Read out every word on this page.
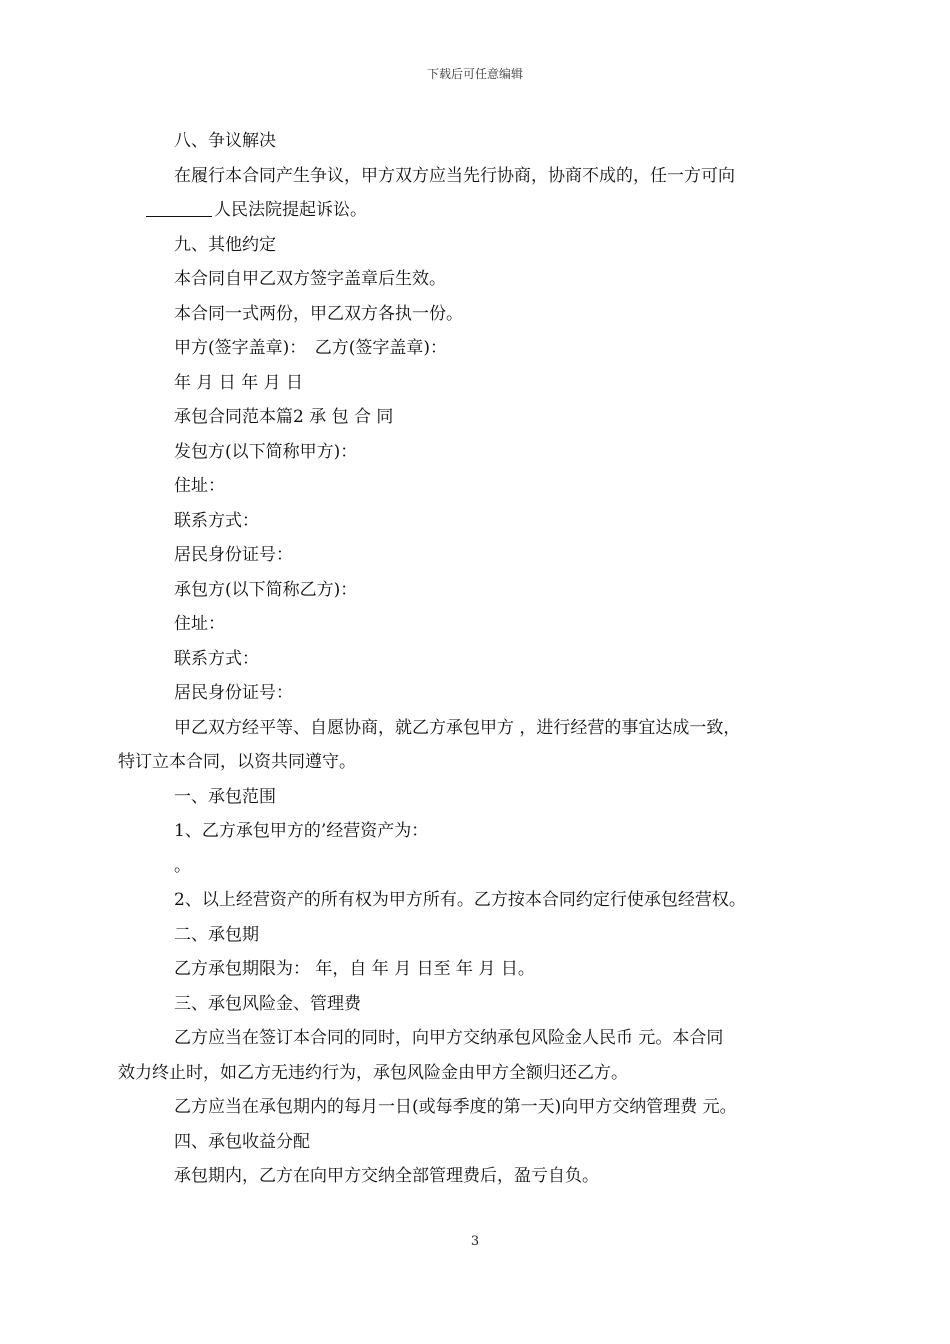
下载后可任意编辑
八、争议解决
在履行本合同产生争议，甲方双方应当先行协商，协商不成的，任一方可向
人民法院提起诉讼。
九、其他约定
本合同自甲乙双方签字盖章后生效。
本合同一式两份，甲乙双方各执一份。
甲方(签字盖章)：　乙方(签字盖章)：
年 月 日 年 月 日
承包合同范本篇2 承 包 合 同
发包方(以下简称甲方)：
住址：
联系方式：
居民身份证号：
承包方(以下简称乙方)：
住址：
联系方式：
居民身份证号：
甲乙双方经平等、自愿协商，就乙方承包甲方 ，进行经营的事宜达成一致，
特订立本合同，以资共同遵守。
一、承包范围
1、乙方承包甲方的’经营资产为：
。
2、以上经营资产的所有权为甲方所有。乙方按本合同约定行使承包经营权。
二、承包期
乙方承包期限为： 年，自 年 月 日至 年 月 日。
三、承包风险金、管理费
乙方应当在签订本合同的同时，向甲方交纳承包风险金人民币 元。本合同
效力终止时，如乙方无违约行为，承包风险金由甲方全额归还乙方。
乙方应当在承包期内的每月一日(或每季度的第一天)向甲方交纳管理费 元。
四、承包收益分配
承包期内，乙方在向甲方交纳全部管理费后，盈亏自负。
3
